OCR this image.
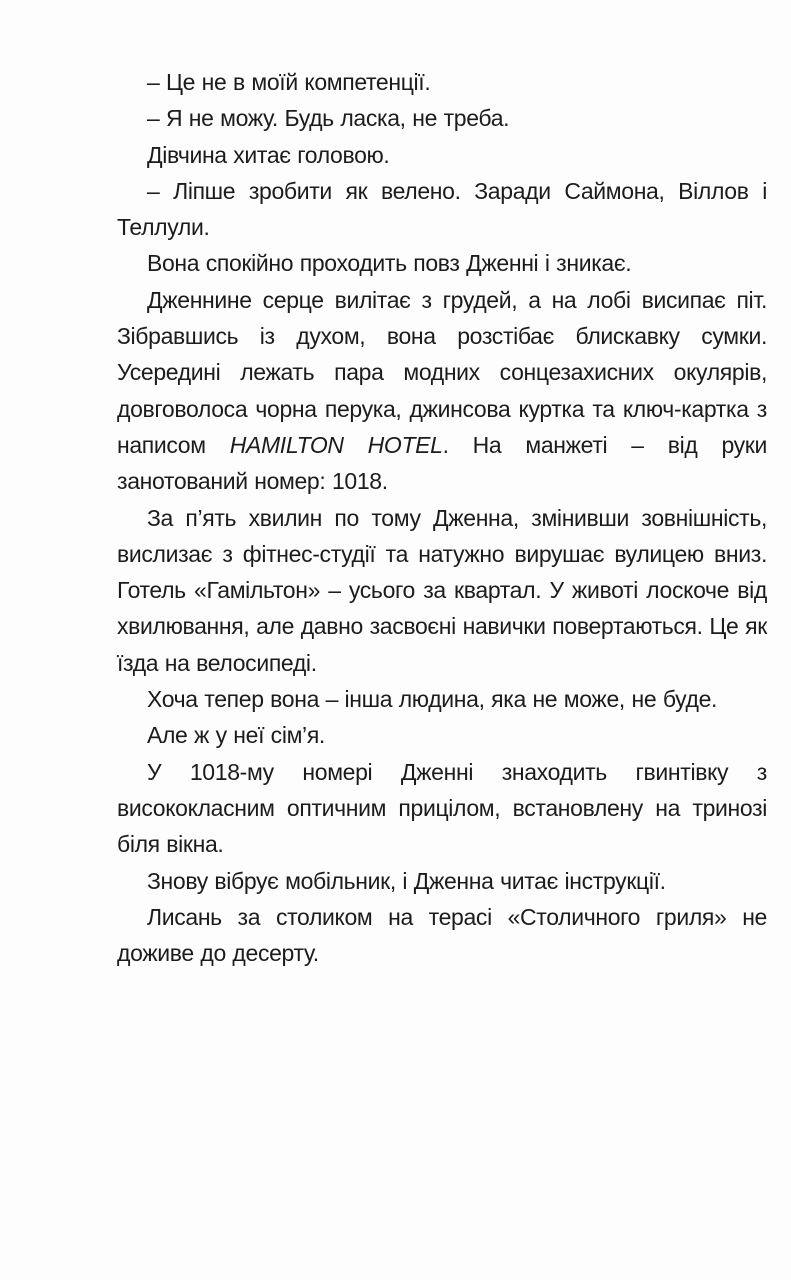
– Це не в моїй компетенції.

– Я не можу. Будь ласка, не треба.

Дівчина хитає головою.

– Ліпше зробити як велено. Заради Саймона, Віллов і Теллули.

Вона спокійно проходить повз Дженні і зникає.

Дженнине серце вилітає з грудей, а на лобі висипає піт. Зібравшись із духом, вона розстібає блискавку сумки. Усередині лежать пара модних сонцезахисних окулярів, довговолоса чорна перука, джинсова куртка та ключ-картка з написом HAMILTON HOTEL. На манжеті – від руки занотований номер: 1018.

За п’ять хвилин по тому Дженна, змінивши зовнішність, вислизає з фітнес-студії та натужно вирушає вулицею вниз. Готель «Гамільтон» – усього за квартал. У животі лоскоче від хвилювання, але давно засвоєні навички повертаються. Це як їзда на велосипеді.

Хоча тепер вона – інша людина, яка не може, не буде.

Але ж у неї сім’я.

У 1018-му номері Дженні знаходить гвинтівку з висококласним оптичним прицілом, встановлену на тринозі біля вікна.

Знову вібрує мобільник, і Дженна читає інструкції.

Лисань за столиком на терасі «Столичного гриля» не доживе до десерту.
